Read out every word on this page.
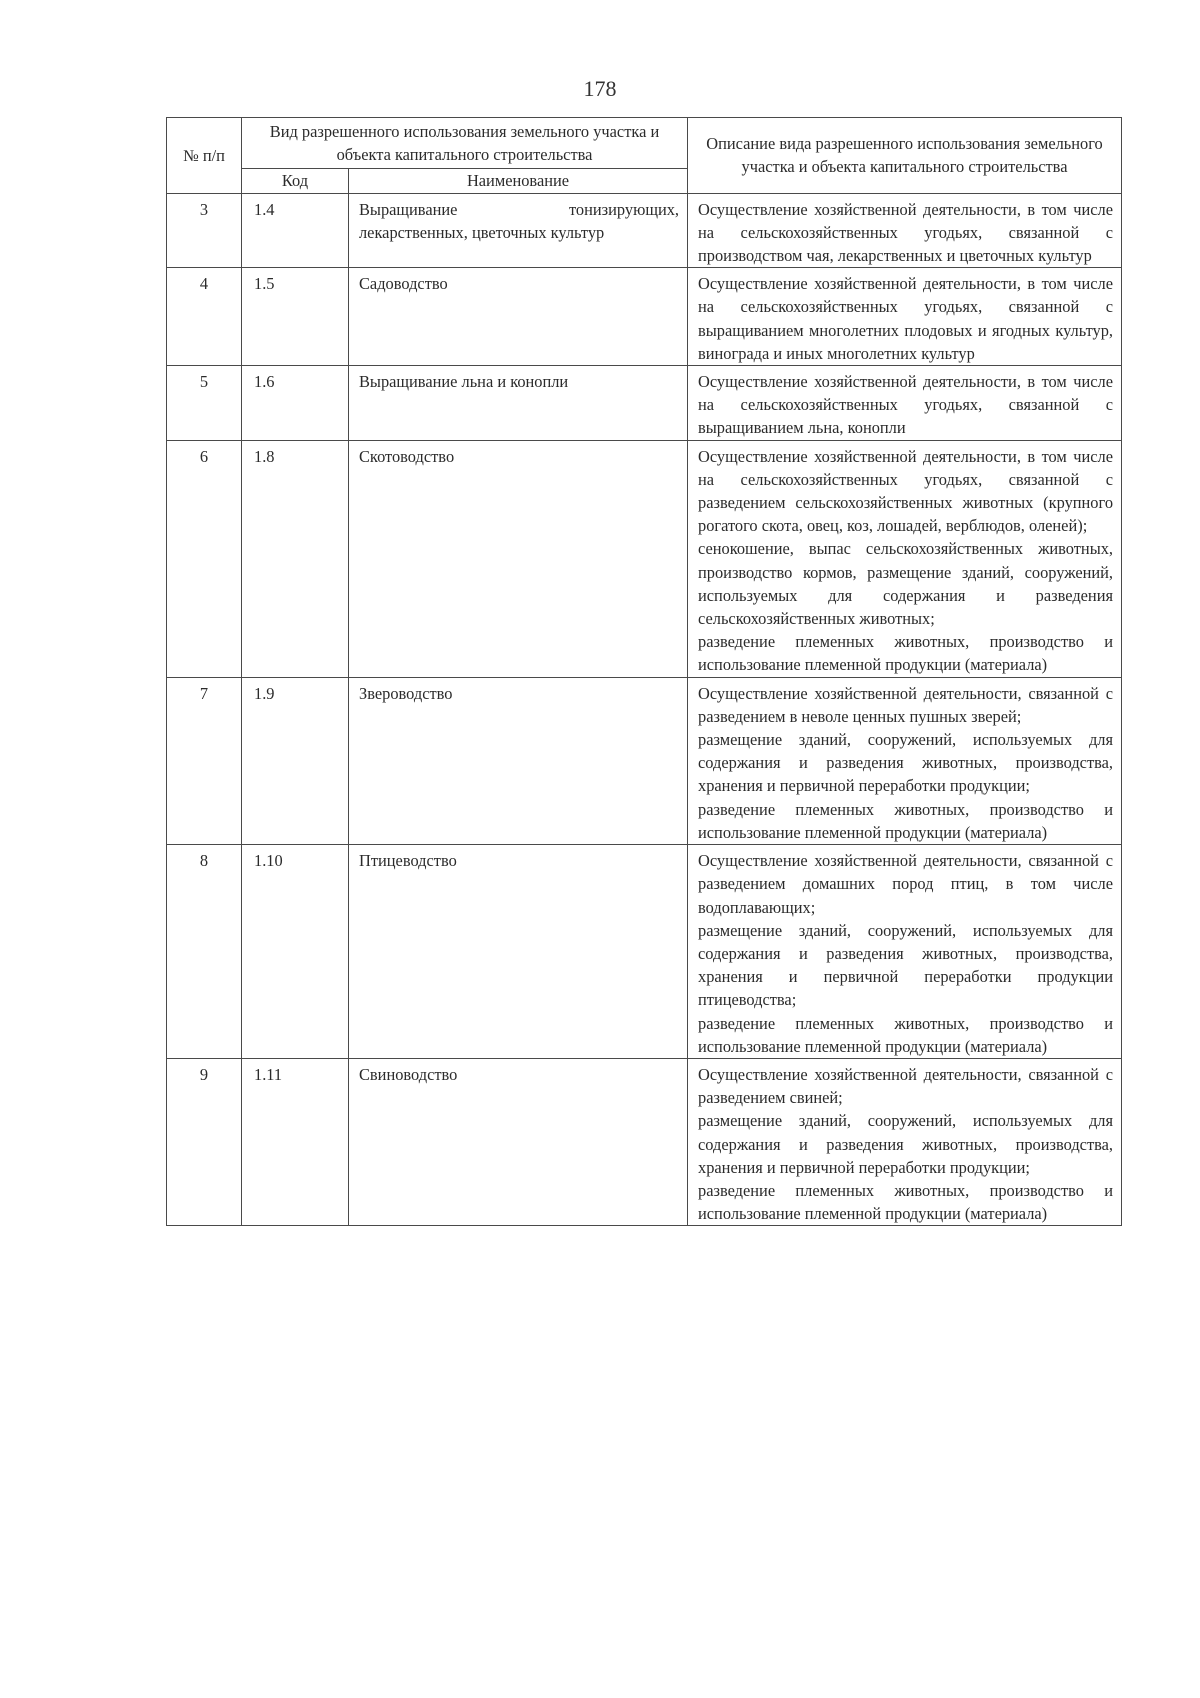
178
№ п/п	Вид разрешенного использования земельного участка и объекта капитального строительства		Описание вида разрешенного использования земельного участка и объекта капитального строительства
	Код	Наименование	
3	1.4	Выращивание тонизирующих, лекарственных, цветочных культур	Осуществление хозяйственной деятельности, в том числе на сельскохозяйственных угодьях, связанной с производством чая, лекарственных и цветочных культур

4	1.5	Садоводство	Осуществление хозяйственной деятельности, в том числе на сельскохозяйственных угодьях, связанной с выращиванием многолетних плодовых и ягодных культур, винограда и иных многолетних культур

5	1.6	Выращивание льна и конопли	Осуществление хозяйственной деятельности, в том числе на сельскохозяйственных угодьях, связанной с выращиванием льна, конопли

6	1.8	Скотоводство	Осуществление хозяйственной деятельности, в том числе на сельскохозяйственных угодьях, связанной с разведением сельскохозяйственных животных (крупного рогатого скота, овец, коз, лошадей, верблюдов, оленей);
сенокошение, выпас сельскохозяйственных животных, производство кормов, размещение зданий, сооружений, используемых для содержания и разведения сельскохозяйственных животных;
разведение племенных животных, производство и использование племенной продукции (материала)

7	1.9	Звероводство	Осуществление хозяйственной деятельности, связанной с разведением в неволе ценных пушных зверей;
размещение зданий, сооружений, используемых для содержания и разведения животных, производства, хранения и первичной переработки продукции;
разведение племенных животных, производство и использование племенной продукции (материала)

8	1.10	Птицеводство	Осуществление хозяйственной деятельности, связанной с разведением домашних пород птиц, в том числе водоплавающих;
размещение зданий, сооружений, используемых для содержания и разведения животных, производства, хранения и первичной переработки продукции птицеводства;
разведение племенных животных, производство и использование племенной продукции (материала)

9	1.11	Свиноводство	Осуществление хозяйственной деятельности, связанной с разведением свиней;
размещение зданий, сооружений, используемых для содержания и разведения животных, производства, хранения и первичной переработки продукции;
разведение племенных животных, производство и использование племенной продукции (материала)
